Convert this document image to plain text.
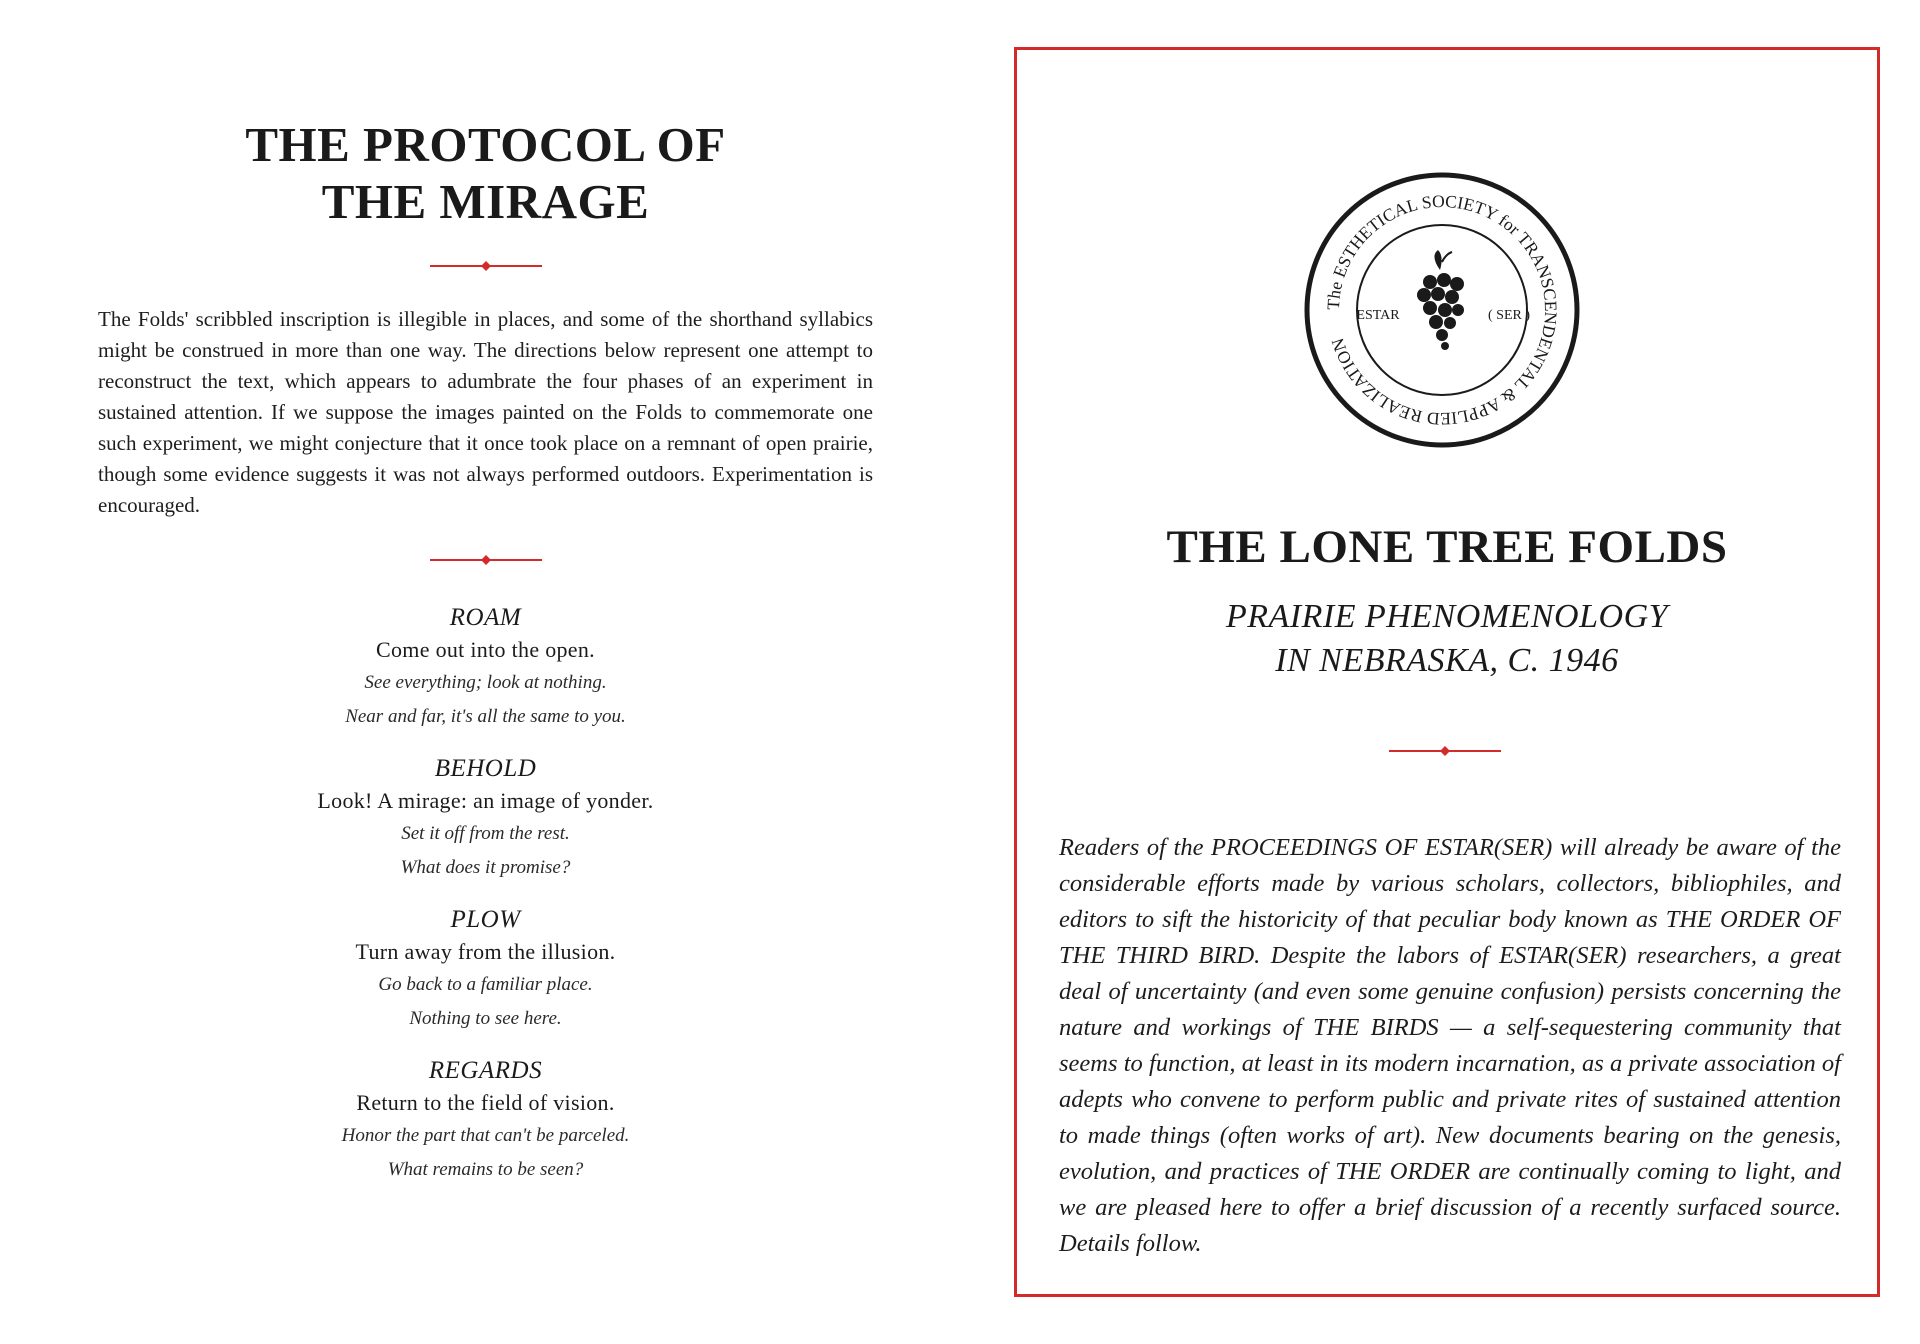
THE PROTOCOL OF
THE MIRAGE

The Folds' scribbled inscription is illegible in places, and some of the shorthand syllabics might be construed in more than one way. The directions below represent one attempt to reconstruct the text, which appears to adumbrate the four phases of an experiment in sustained attention. If we suppose the images painted on the Folds to commemorate one such experiment, we might conjecture that it once took place on a remnant of open prairie, though some evidence suggests it was not always performed outdoors. Experimentation is encouraged.

ROAM
Come out into the open.
See everything; look at nothing.
Near and far, it's all the same to you.
BEHOLD
Look! A mirage: an image of yonder.
Set it off from the rest.
What does it promise?
PLOW
Turn away from the illusion.
Go back to a familiar place.
Nothing to see here.
REGARDS
Return to the field of vision.
Honor the part that can't be parceled.
What remains to be seen?
The ESTHETICAL SOCIETY for TRANSCENDENTAL & APPLIED REALIZATION
ESTAR	( SER )
THE LONE TREE FOLDS
PRAIRIE PHENOMENOLOGY
IN NEBRASKA, C. 1946

Readers of the PROCEEDINGS OF ESTAR(SER) will already be aware of the considerable efforts made by various scholars, collectors, bibliophiles, and editors to sift the historicity of that peculiar body known as THE ORDER OF THE THIRD BIRD. Despite the labors of ESTAR(SER) researchers, a great deal of uncertainty (and even some genuine confusion) persists concerning the nature and workings of THE BIRDS — a self-sequestering community that seems to function, at least in its modern incarnation, as a private association of adepts who convene to perform public and private rites of sustained attention to made things (often works of art). New documents bearing on the genesis, evolution, and practices of THE ORDER are continually coming to light, and we are pleased here to offer a brief discussion of a recently surfaced source. Details follow.
